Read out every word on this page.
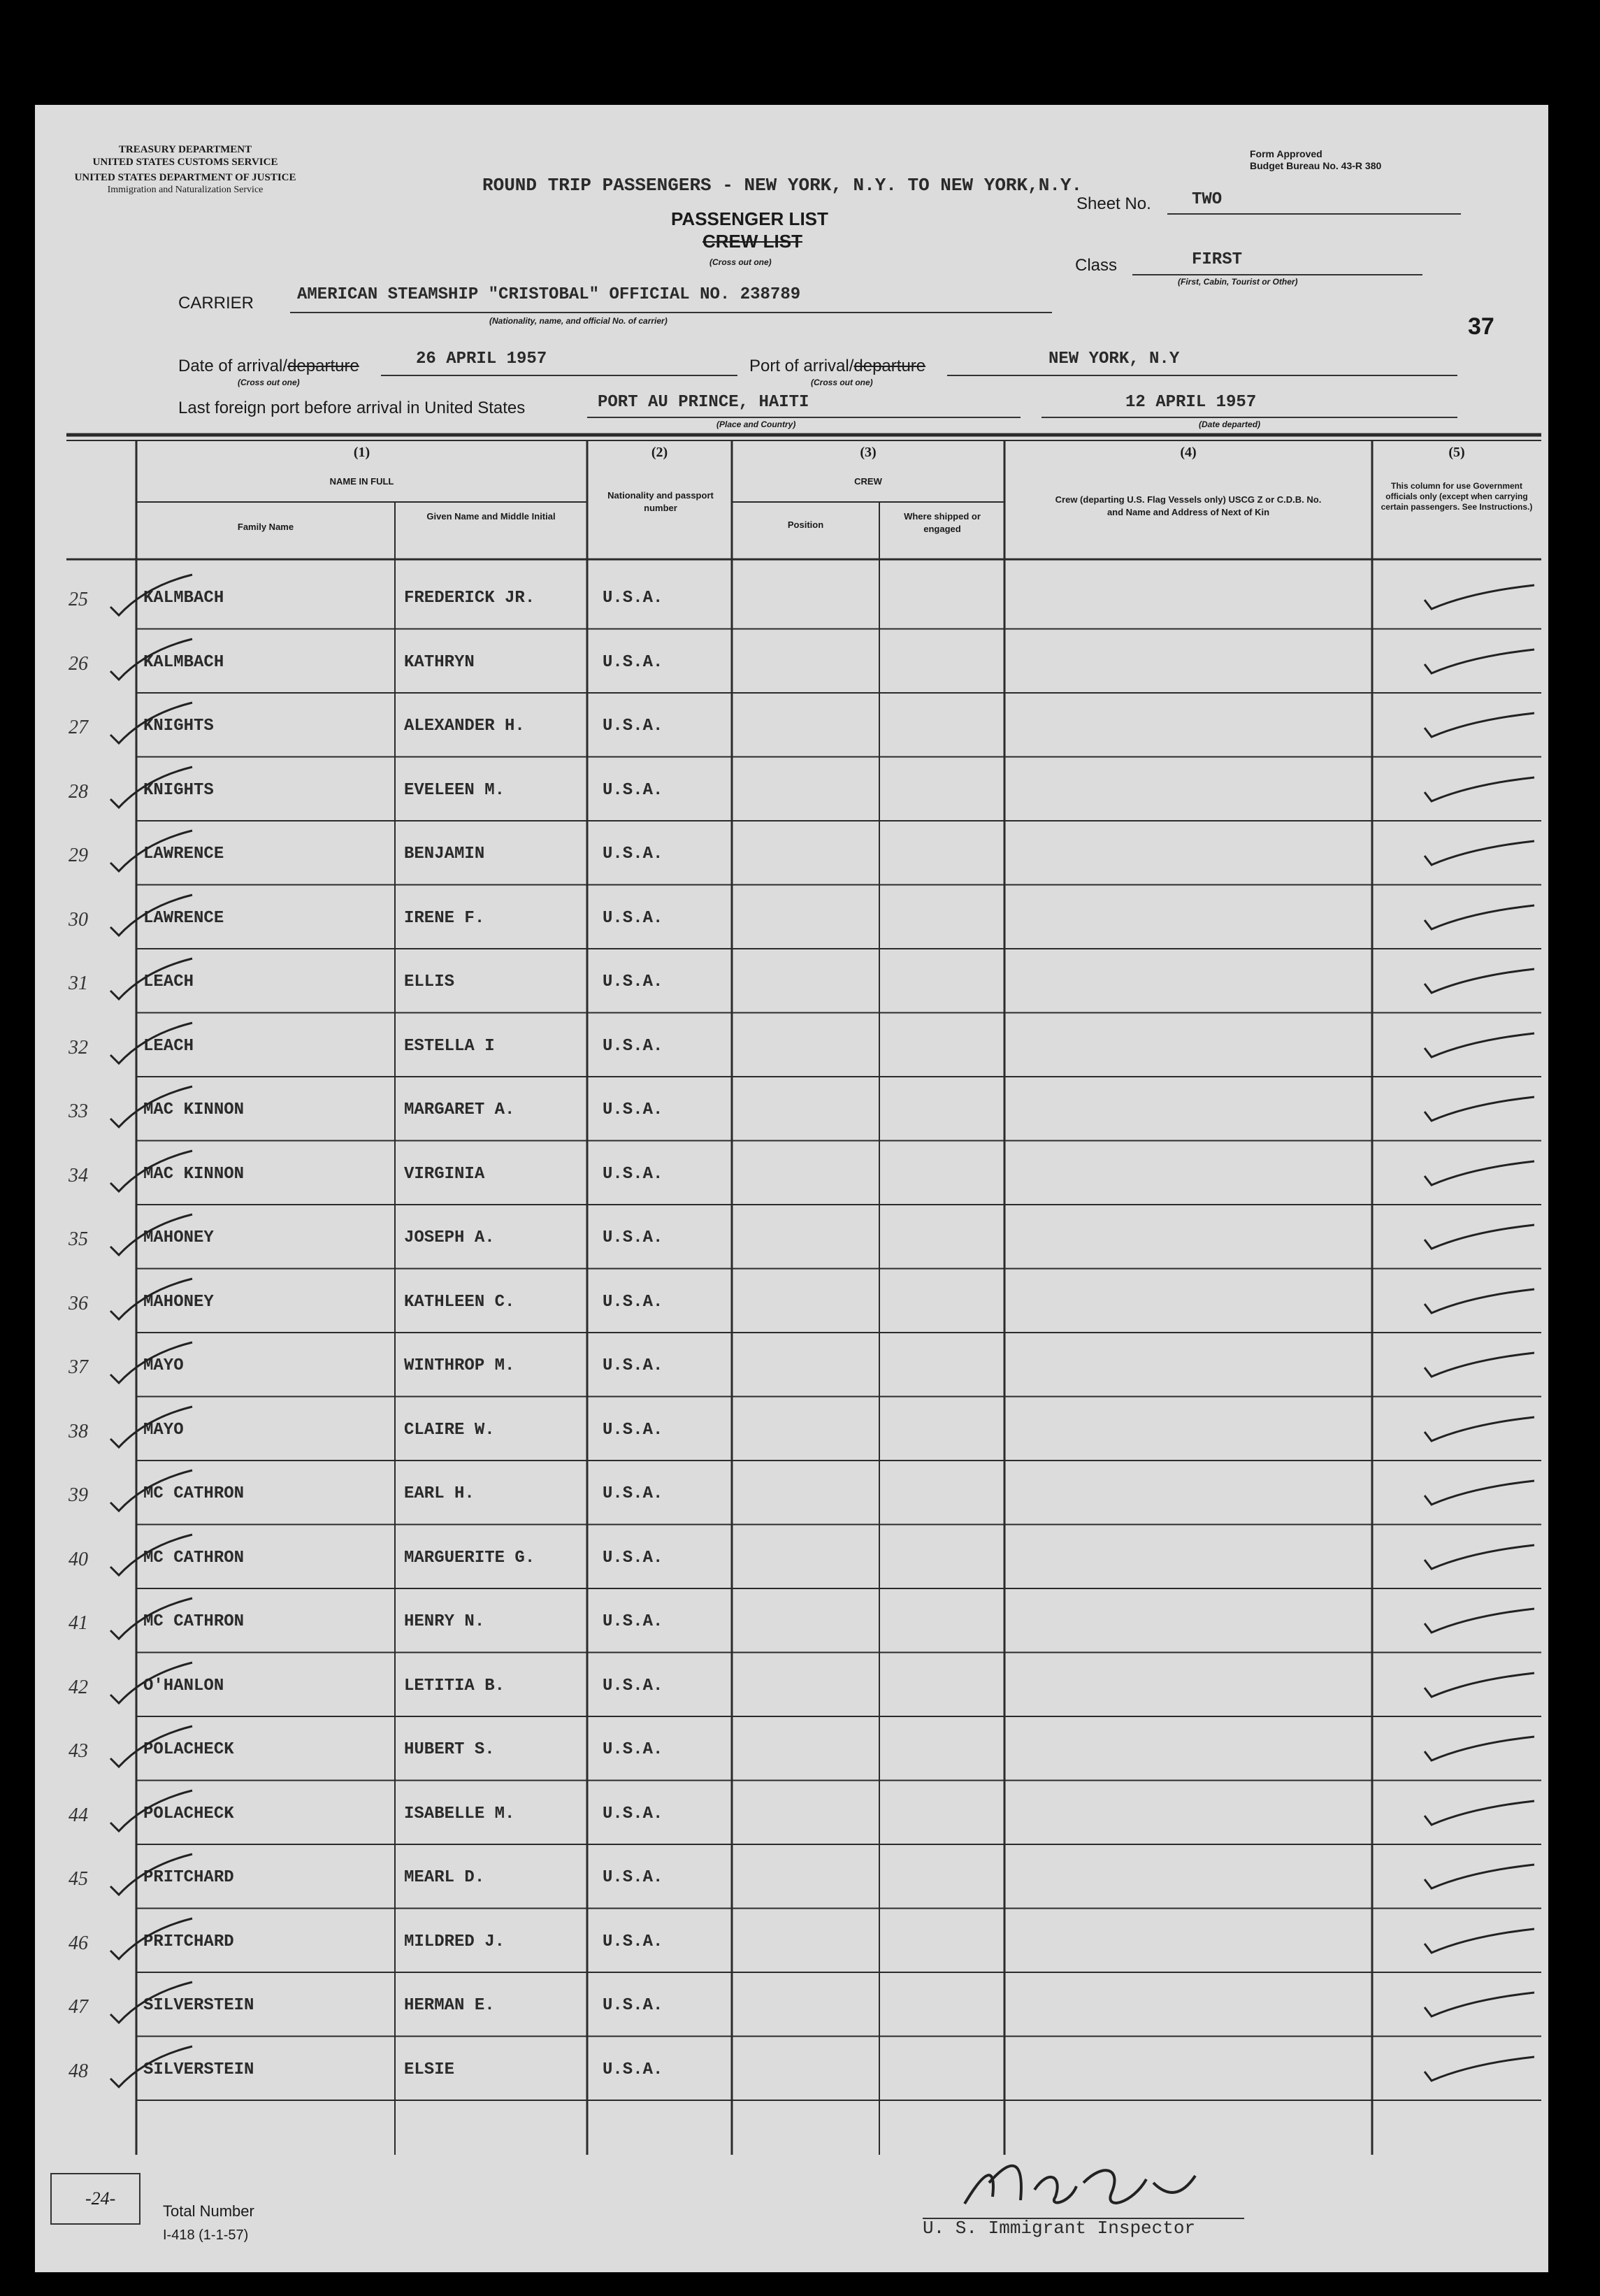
TREASURY DEPARTMENT
UNITED STATES CUSTOMS SERVICE
UNITED STATES DEPARTMENT OF JUSTICE
Immigration and Naturalization Service
Form Approved
Budget Bureau No. 43-R 380
ROUND TRIP PASSENGERS - NEW YORK, N.Y. TO NEW YORK,N.Y.
PASSENGER LIST
CREW LIST
(Cross out one)
Sheet No. TWO
Class	FIRST
(First, Cabin, Tourist or Other)
37
CARRIER	AMERICAN STEAMSHIP "CRISTOBAL" OFFICIAL NO. 238789
(Nationality, name, and official No. of carrier)
Date of arrival/departure	26 APRIL 1957
(Cross out one)
Port of arrival/departure	NEW YORK, N.Y
(Cross out one)
Last foreign port before arrival in United States	PORT AU PRINCE, HAITI
(Place and Country)
12 APRIL 1957
(Date departed)
(1)
NAME IN FULL
Family Name
Given Name and Middle Initial
(2)
Nationality and passport number
(3)
CREW
Position
Where shipped or engaged
(4)
Crew (departing U.S. Flag Vessels only) USCG Z or C.D.B. No. and Name and Address of Next of Kin
(5)
This column for use Government officials only (except when carrying certain passengers. See Instructions.)
25	KALMBACH	FREDERICK JR.	U.S.A.
26	KALMBACH	KATHRYN	U.S.A.
27	KNIGHTS	ALEXANDER H.	U.S.A.
28	KNIGHTS	EVELEEN M.	U.S.A.
29	LAWRENCE	BENJAMIN	U.S.A.
30	LAWRENCE	IRENE F.	U.S.A.
31	LEACH	ELLIS	U.S.A.
32	LEACH	ESTELLA I	U.S.A.
33	MAC KINNON	MARGARET A.	U.S.A.
34	MAC KINNON	VIRGINIA	U.S.A.
35	MAHONEY	JOSEPH A.	U.S.A.
36	MAHONEY	KATHLEEN C.	U.S.A.
37	MAYO	WINTHROP M.	U.S.A.
38	MAYO	CLAIRE W.	U.S.A.
39	MC CATHRON	EARL H.	U.S.A.
40	MC CATHRON	MARGUERITE G.	U.S.A.
41	MC CATHRON	HENRY N.	U.S.A.
42	O'HANLON	LETITIA B.	U.S.A.
43	POLACHECK	HUBERT S.	U.S.A.
44	POLACHECK	ISABELLE M.	U.S.A.
45	PRITCHARD	MEARL D.	U.S.A.
46	PRITCHARD	MILDRED J.	U.S.A.
47	SILVERSTEIN	HERMAN E.	U.S.A.
48	SILVERSTEIN	ELSIE	U.S.A.
-24-
Total Number
I-418 (1-1-57)	U. S. Immigrant Inspector
